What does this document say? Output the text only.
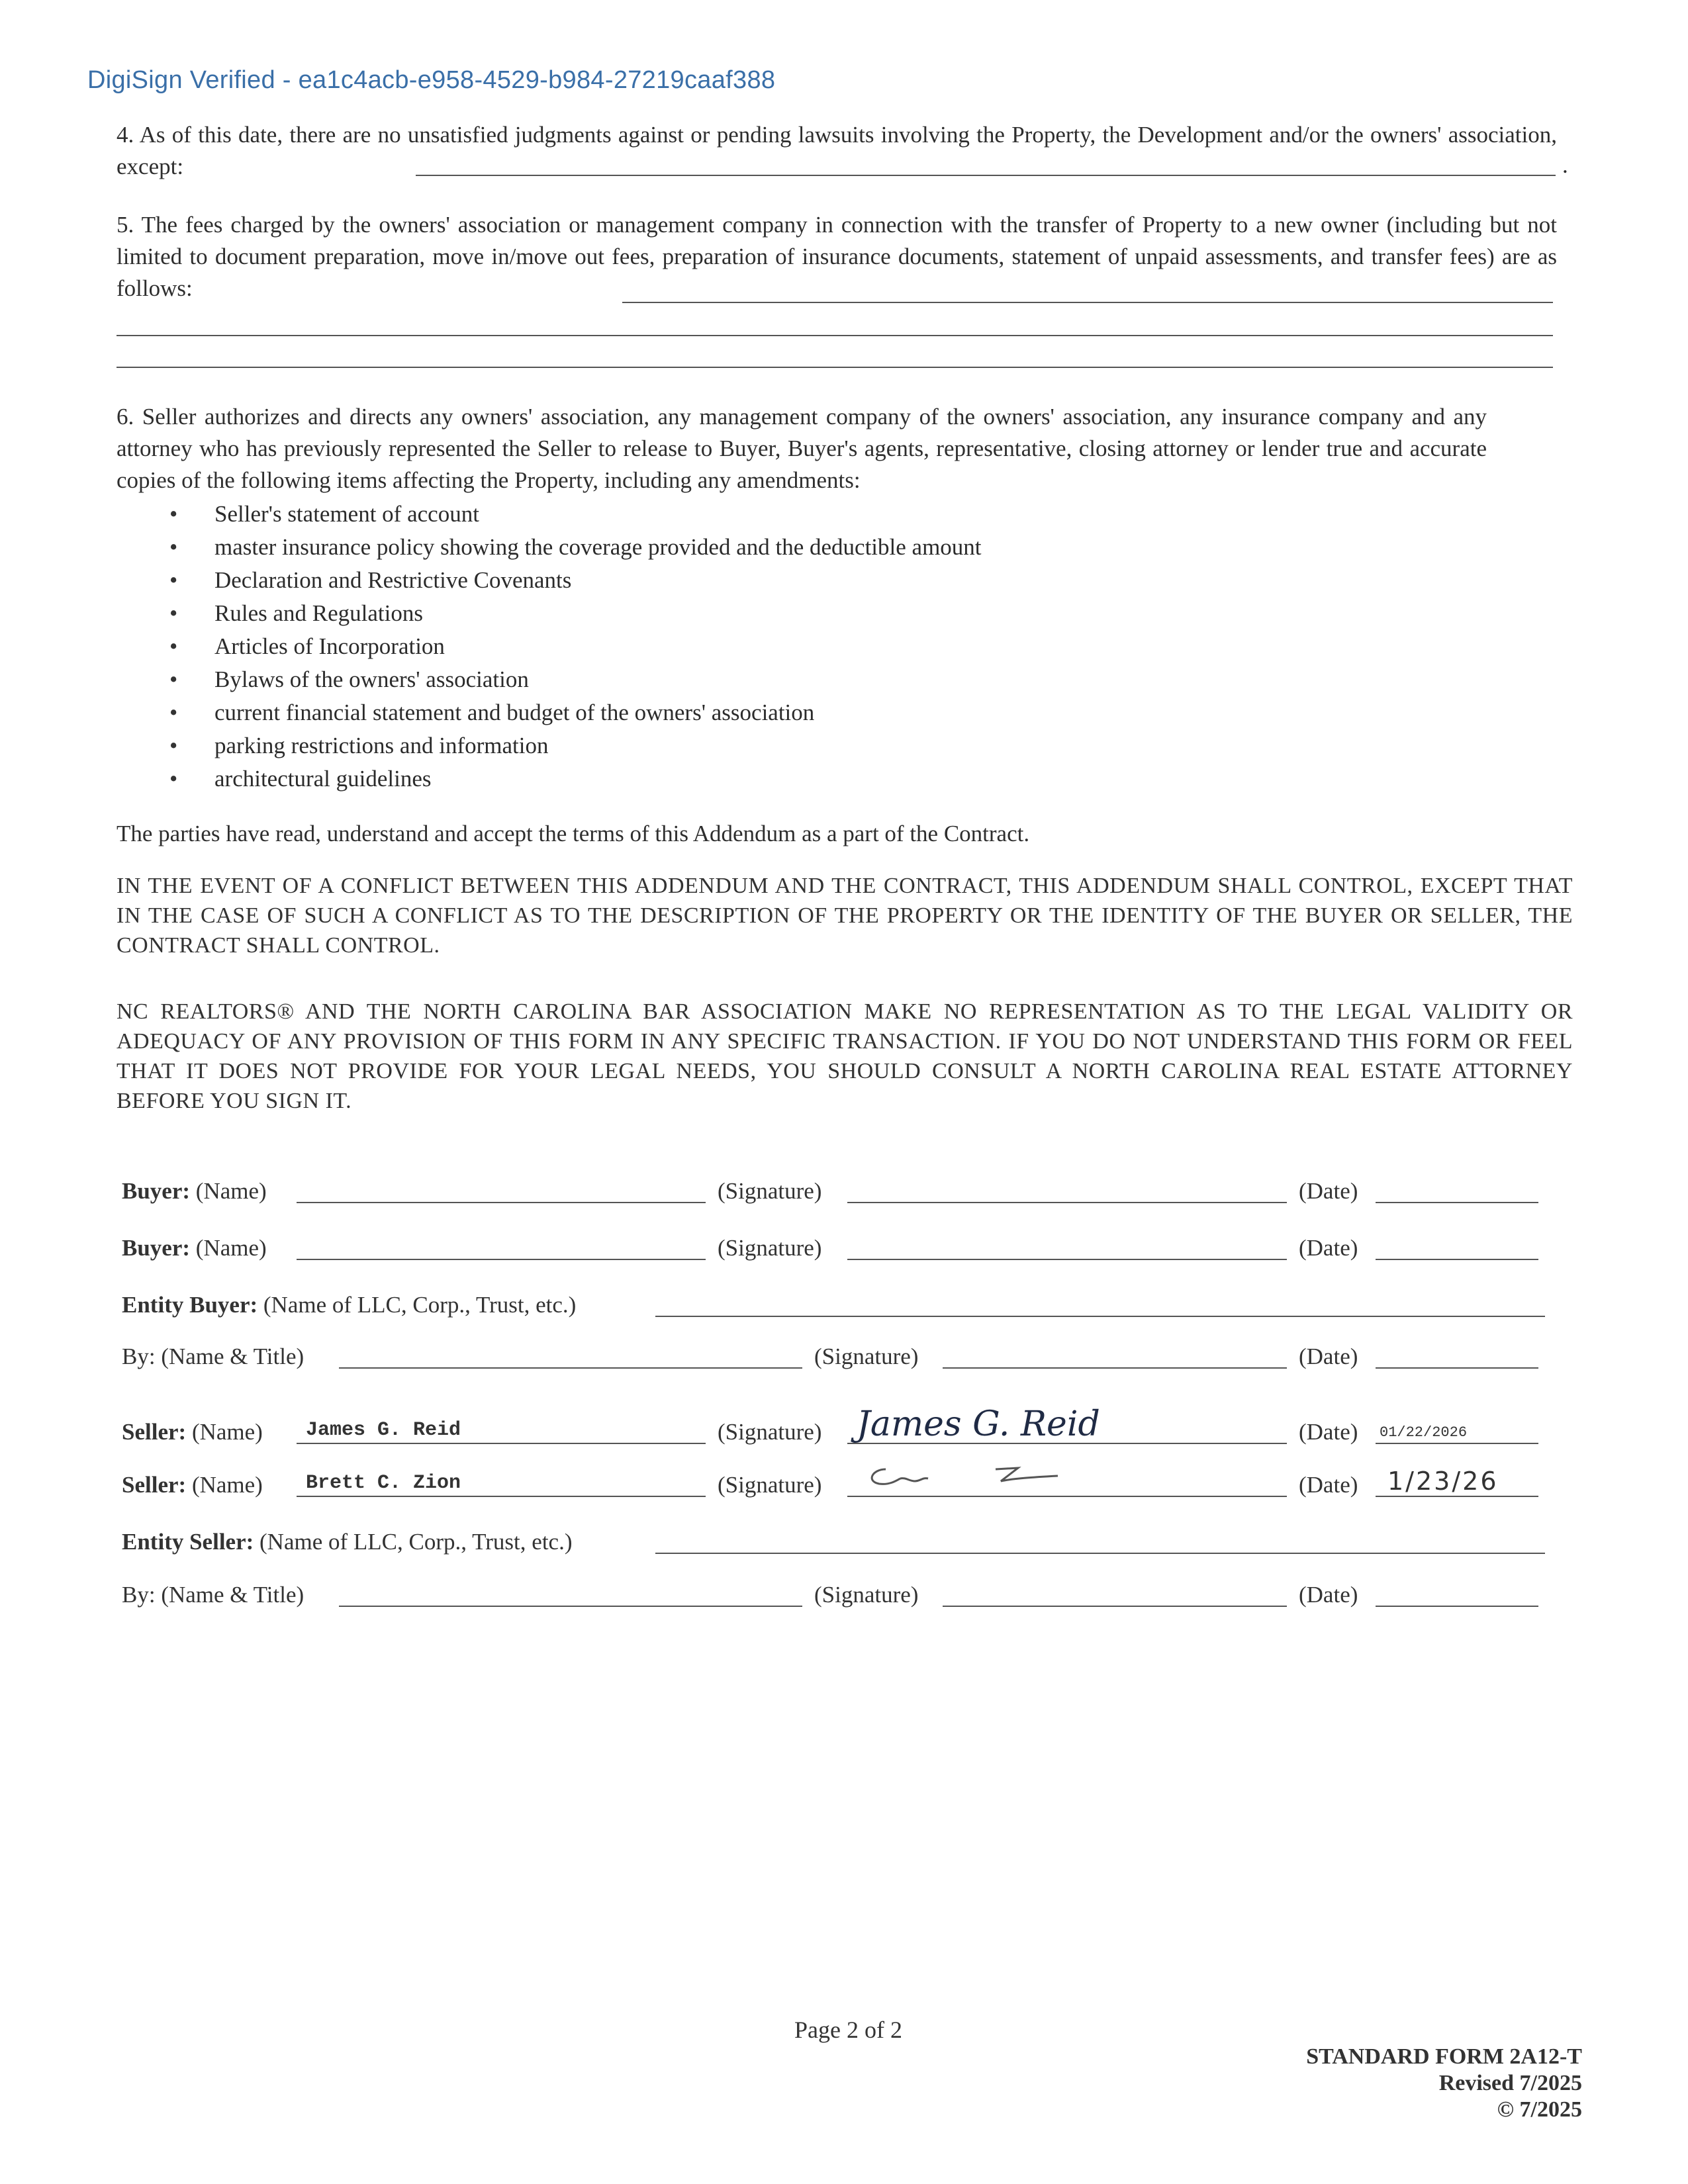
DigiSign Verified - ea1c4acb-e958-4529-b984-27219caaf388
4. As of this date, there are no unsatisfied judgments against or pending lawsuits involving the Property, the Development and/or the owners' association, except:	.
5. The fees charged by the owners' association or management company in connection with the transfer of Property to a new owner (including but not limited to document preparation, move in/move out fees, preparation of insurance documents, statement of unpaid assessments, and transfer fees) are as follows:
6. Seller authorizes and directs any owners' association, any management company of the owners' association, any insurance company and any attorney who has previously represented the Seller to release to Buyer, Buyer's agents, representative, closing attorney or lender true and accurate copies of the following items affecting the Property, including any amendments:
• Seller's statement of account
• master insurance policy showing the coverage provided and the deductible amount
• Declaration and Restrictive Covenants
• Rules and Regulations
• Articles of Incorporation
• Bylaws of the owners' association
• current financial statement and budget of the owners' association
• parking restrictions and information
• architectural guidelines
The parties have read, understand and accept the terms of this Addendum as a part of the Contract.
IN THE EVENT OF A CONFLICT BETWEEN THIS ADDENDUM AND THE CONTRACT, THIS ADDENDUM SHALL CONTROL, EXCEPT THAT IN THE CASE OF SUCH A CONFLICT AS TO THE DESCRIPTION OF THE PROPERTY OR THE IDENTITY OF THE BUYER OR SELLER, THE CONTRACT SHALL CONTROL.
NC REALTORS® AND THE NORTH CAROLINA BAR ASSOCIATION MAKE NO REPRESENTATION AS TO THE LEGAL VALIDITY OR ADEQUACY OF ANY PROVISION OF THIS FORM IN ANY SPECIFIC TRANSACTION. IF YOU DO NOT UNDERSTAND THIS FORM OR FEEL THAT IT DOES NOT PROVIDE FOR YOUR LEGAL NEEDS, YOU SHOULD CONSULT A NORTH CAROLINA REAL ESTATE ATTORNEY BEFORE YOU SIGN IT.
Buyer: (Name)	(Signature)	(Date)
Buyer: (Name)	(Signature)	(Date)
Entity Buyer: (Name of LLC, Corp., Trust, etc.)
By: (Name & Title)	(Signature)	(Date)
Seller: (Name) James G. Reid	(Signature) James G. Reid	(Date) 01/22/2026
Seller: (Name) Brett C. Zion	(Signature)	(Date) 1/23/26
Entity Seller: (Name of LLC, Corp., Trust, etc.)
By: (Name & Title)	(Signature)	(Date)
Page 2 of 2
STANDARD FORM 2A12-T
Revised 7/2025
© 7/2025
